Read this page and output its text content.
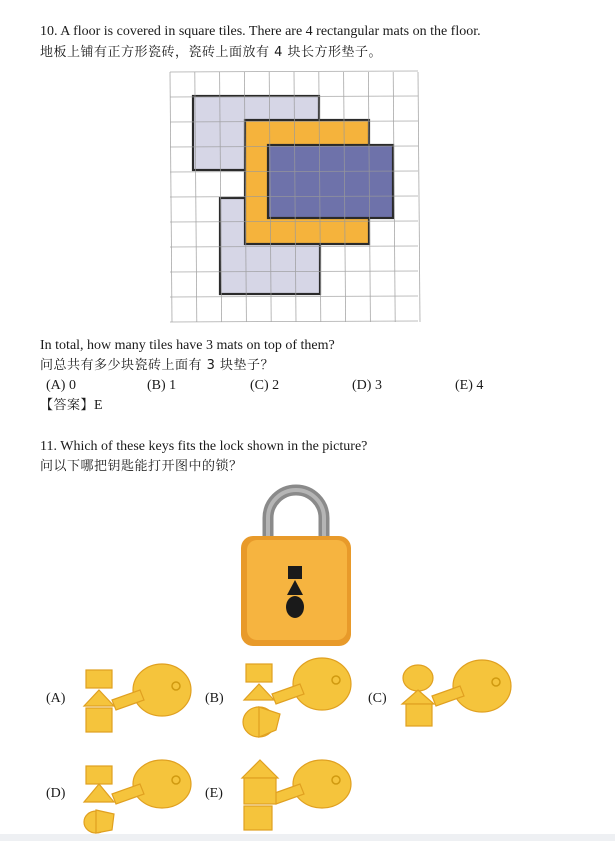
10. A floor is covered in square tiles. There are 4 rectangular mats on the floor.
地板上铺有正方形瓷砖，瓷砖上面放有 4 块长方形垫子。
In total, how many tiles have 3 mats on top of them?
问总共有多少块瓷砖上面有 3 块垫子？
(A) 0	(B) 1	(C) 2	(D) 3	(E) 4
【答案】E
11. Which of these keys fits the lock shown in the picture?
问以下哪把钥匙能打开图中的锁？
(A)	(B)	(C)
(D)	(E)
